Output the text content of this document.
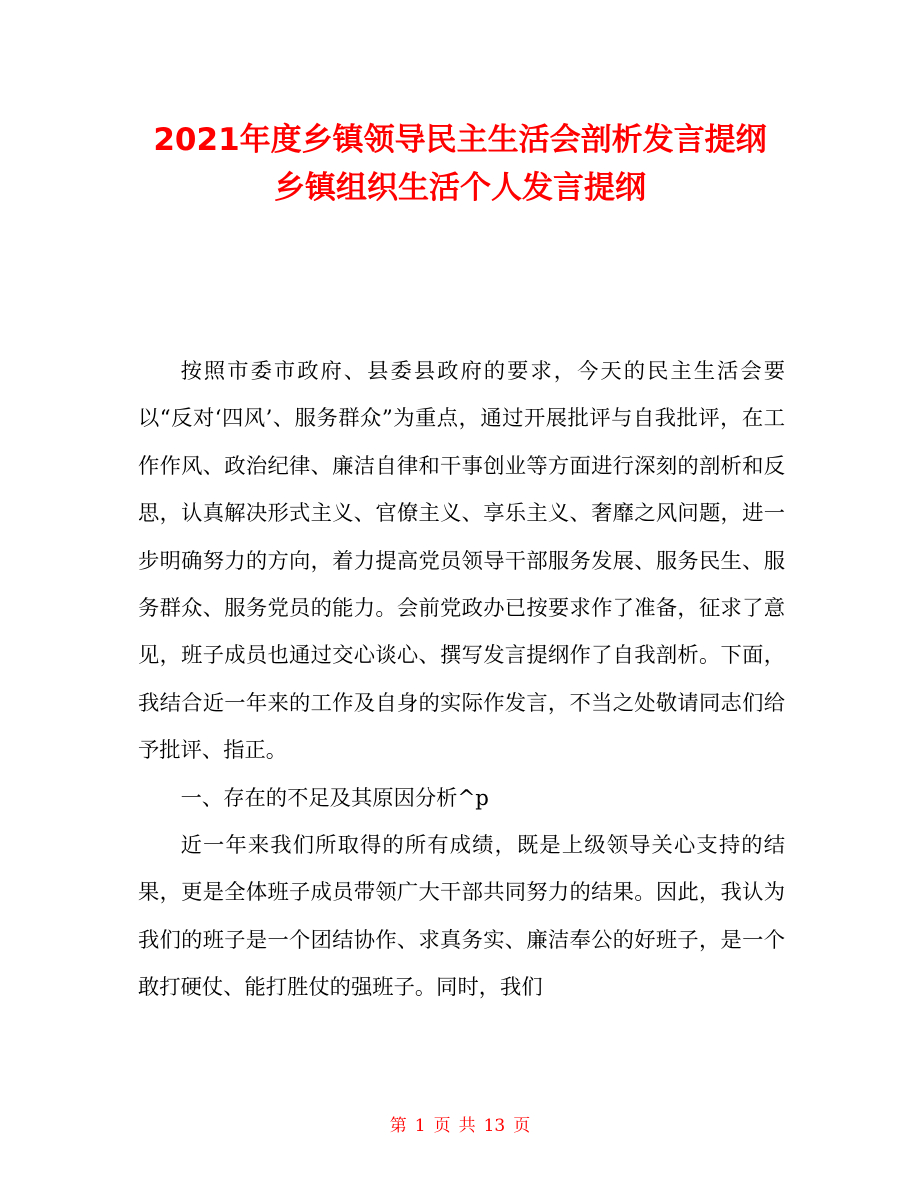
2021年度乡镇领导民主生活会剖析发言提纲
乡镇组织生活个人发言提纲

按照市委市政府、县委县政府的要求，今天的民主生活会要以“反对‘四风’、服务群众”为重点，通过开展批评与自我批评，在工作作风、政治纪律、廉洁自律和干事创业等方面进行深刻的剖析和反思，认真解决形式主义、官僚主义、享乐主义、奢靡之风问题，进一步明确努力的方向，着力提高党员领导干部服务发展、服务民生、服务群众、服务党员的能力。会前党政办已按要求作了准备，征求了意见，班子成员也通过交心谈心、撰写发言提纲作了自我剖析。下面，我结合近一年来的工作及自身的实际作发言，不当之处敬请同志们给予批评、指正。

一、存在的不足及其原因分析^p

近一年来我们所取得的所有成绩，既是上级领导关心支持的结果，更是全体班子成员带领广大干部共同努力的结果。因此，我认为我们的班子是一个团结协作、求真务实、廉洁奉公的好班子，是一个敢打硬仗、能打胜仗的强班子。同时，我们

第 1 页 共 13 页
